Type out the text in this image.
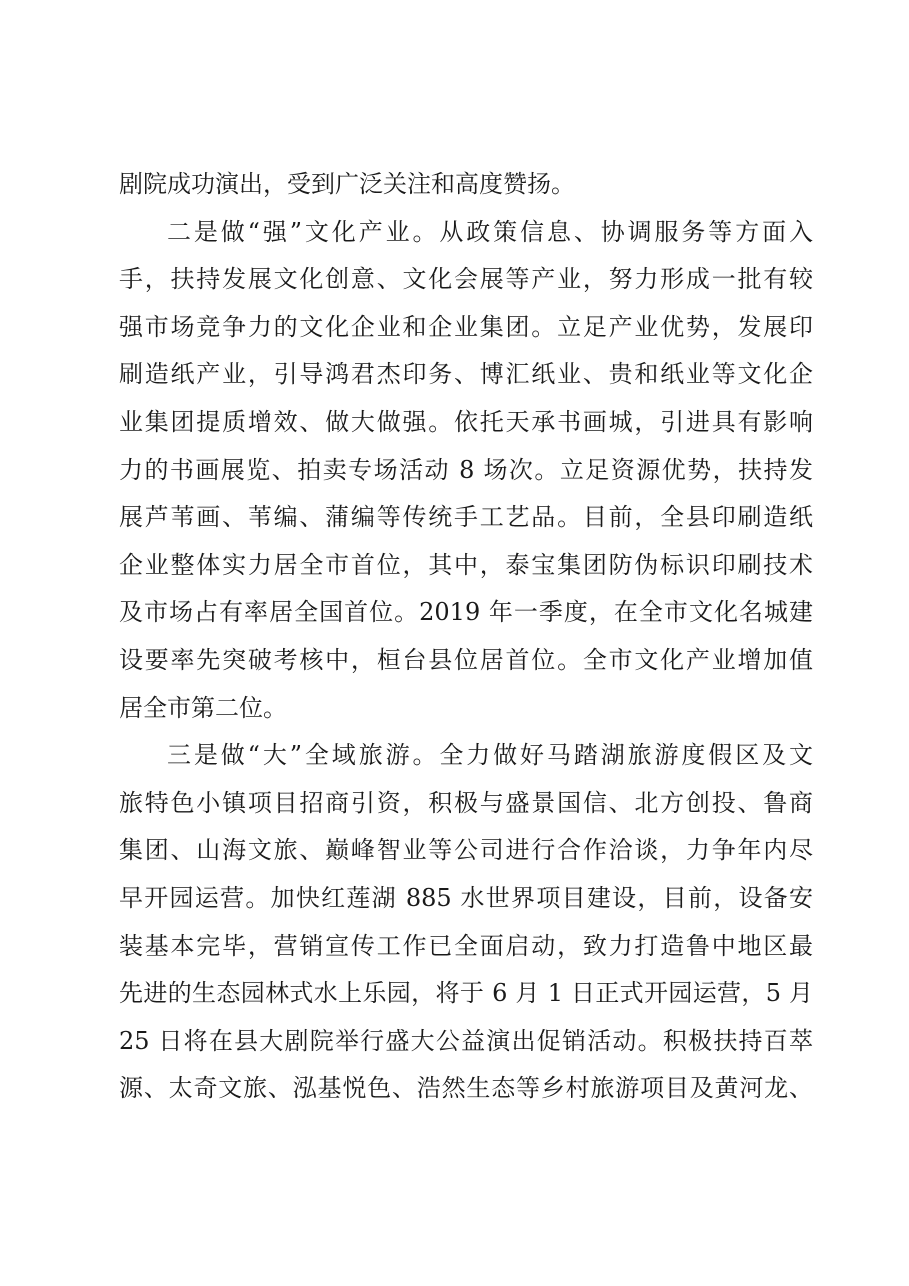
剧院成功演出，受到广泛关注和高度赞扬。
二是做“强”文化产业。从政策信息、协调服务等方面入
手，扶持发展文化创意、文化会展等产业，努力形成一批有较
强市场竞争力的文化企业和企业集团。立足产业优势，发展印
刷造纸产业，引导鸿君杰印务、博汇纸业、贵和纸业等文化企
业集团提质增效、做大做强。依托天承书画城，引进具有影响
力的书画展览、拍卖专场活动 8 场次。立足资源优势，扶持发
展芦苇画、苇编、蒲编等传统手工艺品。目前，全县印刷造纸
企业整体实力居全市首位，其中，泰宝集团防伪标识印刷技术
及市场占有率居全国首位。2019 年一季度，在全市文化名城建
设要率先突破考核中，桓台县位居首位。全市文化产业增加值
居全市第二位。
三是做“大”全域旅游。全力做好马踏湖旅游度假区及文
旅特色小镇项目招商引资，积极与盛景国信、北方创投、鲁商
集团、山海文旅、巅峰智业等公司进行合作洽谈，力争年内尽
早开园运营。加快红莲湖 885 水世界项目建设，目前，设备安
装基本完毕，营销宣传工作已全面启动，致力打造鲁中地区最
先进的生态园林式水上乐园，将于 6 月 1 日正式开园运营，5 月
25 日将在县大剧院举行盛大公益演出促销活动。积极扶持百萃
源、太奇文旅、泓基悦色、浩然生态等乡村旅游项目及黄河龙、
